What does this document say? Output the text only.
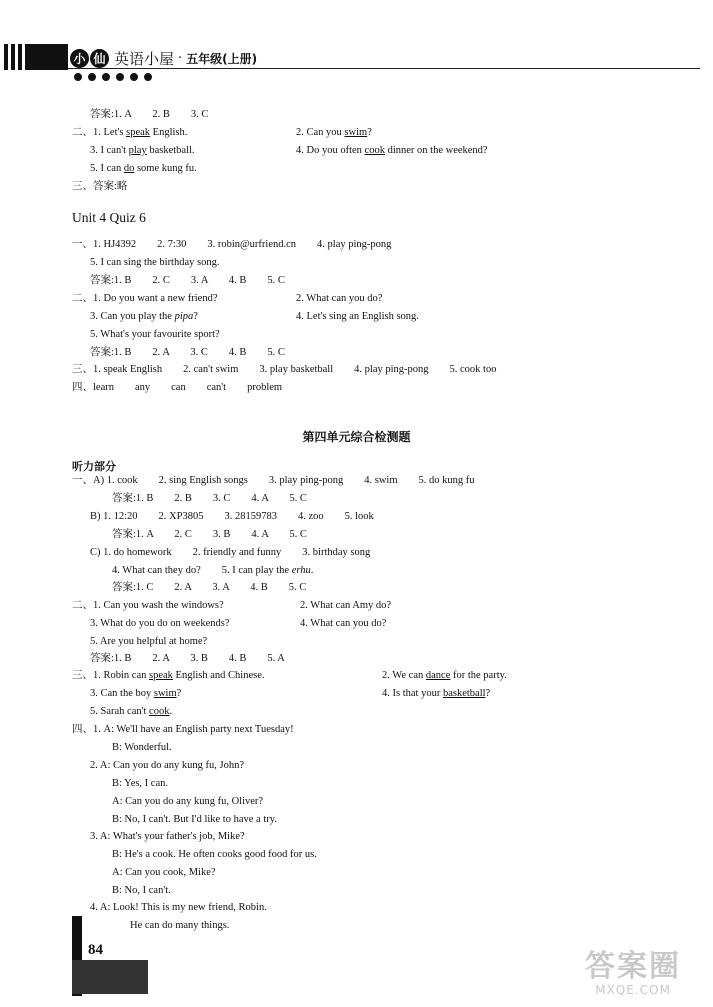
小 仙 英语小屋 · 五年级(上册)
Unit 4 Quiz 6
第四单元综合检测题
听力部分
答案:1. A　　2. B　　3. C
二、1. Let's speak English.	2. Can you swim?
3. I can't play basketball.	4. Do you often cook dinner on the weekend?
5. I can do some kung fu.
三、答案:略
一、1. HJ4392　　2. 7:30　　3. robin@urfriend.cn　　4. play ping-pong
5. I can sing the birthday song.
答案:1. B　　2. C　　3. A　　4. B　　5. C
二、1. Do you want a new friend?	2. What can you do?
3. Can you play the pipa?	4. Let's sing an English song.
5. What's your favourite sport?
答案:1. B　　2. A　　3. C　　4. B　　5. C
三、1. speak English　　2. can't swim　　3. play basketball　　4. play ping-pong　　5. cook too
四、learn　　any　　can　　can't　　problem
一、A) 1. cook　　2. sing English songs　　3. play ping-pong　　4. swim　　5. do kung fu
答案:1. B　　2. B　　3. C　　4. A　　5. C
B) 1. 12:20　　2. XP3805　　3. 28159783　　4. zoo　　5. look
答案:1. A　　2. C　　3. B　　4. A　　5. C
C) 1. do homework　　2. friendly and funny　　3. birthday song
4. What can they do?　　5. I can play the erhu.
答案:1. C　　2. A　　3. A　　4. B　　5. C
二、1. Can you wash the windows?	2. What can Amy do?
3. What do you do on weekends?	4. What can you do?
5. Are you helpful at home?
答案:1. B　　2. A　　3. B　　4. B　　5. A
三、1. Robin can speak English and Chinese.	2. We can dance for the party.
3. Can the boy swim?	4. Is that your basketball?
5. Sarah can't cook.
四、1. A: We'll have an English party next Tuesday!
B: Wonderful.
2. A: Can you do any kung fu, John?
B: Yes, I can.
A: Can you do any kung fu, Oliver?
B: No, I can't. But I'd like to have a try.
3. A: What's your father's job, Mike?
B: He's a cook. He often cooks good food for us.
A: Can you cook, Mike?
B: No, I can't.
4. A: Look! This is my new friend, Robin.
He can do many things.
84	答案圈
MXQE.COM
